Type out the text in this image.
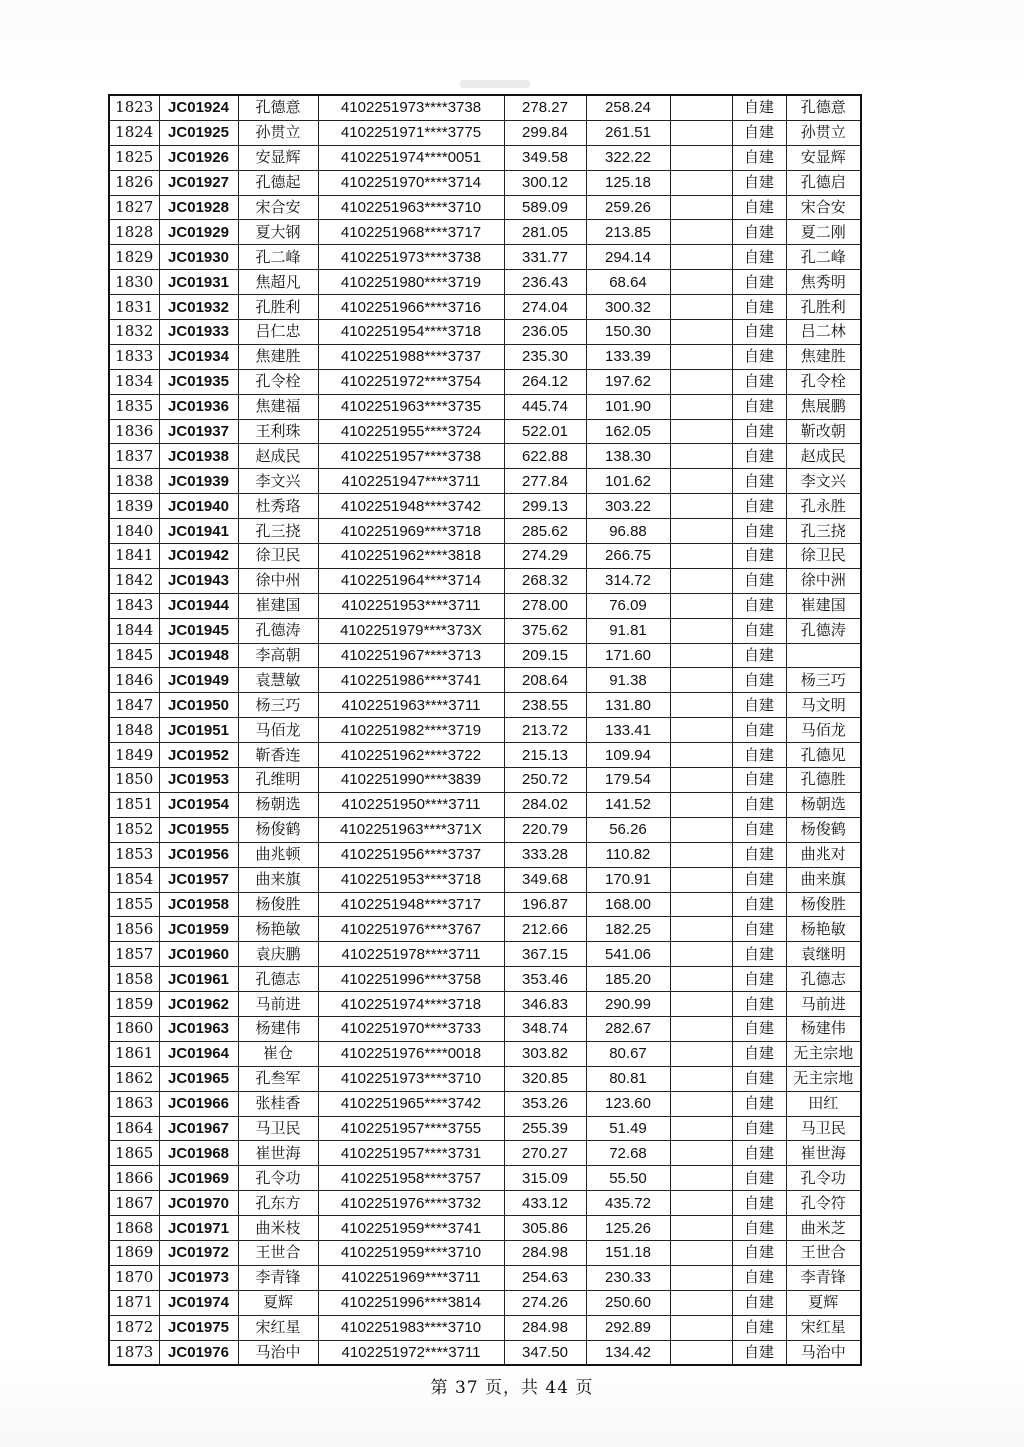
1823	JC01924	孔德意	4102251973****3738	278.27	258.24		自建	孔德意
1824	JC01925	孙贯立	4102251971****3775	299.84	261.51		自建	孙贯立
1825	JC01926	安显辉	4102251974****0051	349.58	322.22		自建	安显辉
1826	JC01927	孔德起	4102251970****3714	300.12	125.18		自建	孔德启
1827	JC01928	宋合安	4102251963****3710	589.09	259.26		自建	宋合安
1828	JC01929	夏大钢	4102251968****3717	281.05	213.85		自建	夏二刚
1829	JC01930	孔二峰	4102251973****3738	331.77	294.14		自建	孔二峰
1830	JC01931	焦超凡	4102251980****3719	236.43	68.64		自建	焦秀明
1831	JC01932	孔胜利	4102251966****3716	274.04	300.32		自建	孔胜利
1832	JC01933	吕仁忠	4102251954****3718	236.05	150.30		自建	吕二林
1833	JC01934	焦建胜	4102251988****3737	235.30	133.39		自建	焦建胜
1834	JC01935	孔令栓	4102251972****3754	264.12	197.62		自建	孔令栓
1835	JC01936	焦建福	4102251963****3735	445.74	101.90		自建	焦展鹏
1836	JC01937	王利珠	4102251955****3724	522.01	162.05		自建	靳改朝
1837	JC01938	赵成民	4102251957****3738	622.88	138.30		自建	赵成民
1838	JC01939	李文兴	4102251947****3711	277.84	101.62		自建	李文兴
1839	JC01940	杜秀珞	4102251948****3742	299.13	303.22		自建	孔永胜
1840	JC01941	孔三挠	4102251969****3718	285.62	96.88		自建	孔三挠
1841	JC01942	徐卫民	4102251962****3818	274.29	266.75		自建	徐卫民
1842	JC01943	徐中州	4102251964****3714	268.32	314.72		自建	徐中洲
1843	JC01944	崔建国	4102251953****3711	278.00	76.09		自建	崔建国
1844	JC01945	孔德涛	4102251979****373X	375.62	91.81		自建	孔德涛
1845	JC01948	李高朝	4102251967****3713	209.15	171.60		自建	
1846	JC01949	袁慧敏	4102251986****3741	208.64	91.38		自建	杨三巧
1847	JC01950	杨三巧	4102251963****3711	238.55	131.80		自建	马文明
1848	JC01951	马佰龙	4102251982****3719	213.72	133.41		自建	马佰龙
1849	JC01952	靳香连	4102251962****3722	215.13	109.94		自建	孔德见
1850	JC01953	孔维明	4102251990****3839	250.72	179.54		自建	孔德胜
1851	JC01954	杨朝选	4102251950****3711	284.02	141.52		自建	杨朝选
1852	JC01955	杨俊鹤	4102251963****371X	220.79	56.26		自建	杨俊鹤
1853	JC01956	曲兆顿	4102251956****3737	333.28	110.82		自建	曲兆对
1854	JC01957	曲来旗	4102251953****3718	349.68	170.91		自建	曲来旗
1855	JC01958	杨俊胜	4102251948****3717	196.87	168.00		自建	杨俊胜
1856	JC01959	杨艳敏	4102251976****3767	212.66	182.25		自建	杨艳敏
1857	JC01960	袁庆鹏	4102251978****3711	367.15	541.06		自建	袁继明
1858	JC01961	孔德志	4102251996****3758	353.46	185.20		自建	孔德志
1859	JC01962	马前进	4102251974****3718	346.83	290.99		自建	马前进
1860	JC01963	杨建伟	4102251970****3733	348.74	282.67		自建	杨建伟
1861	JC01964	崔仓	4102251976****0018	303.82	80.67		自建	无主宗地
1862	JC01965	孔叁军	4102251973****3710	320.85	80.81		自建	无主宗地
1863	JC01966	张桂香	4102251965****3742	353.26	123.60		自建	田红
1864	JC01967	马卫民	4102251957****3755	255.39	51.49		自建	马卫民
1865	JC01968	崔世海	4102251957****3731	270.27	72.68		自建	崔世海
1866	JC01969	孔令功	4102251958****3757	315.09	55.50		自建	孔令功
1867	JC01970	孔东方	4102251976****3732	433.12	435.72		自建	孔令符
1868	JC01971	曲米枝	4102251959****3741	305.86	125.26		自建	曲米芝
1869	JC01972	王世合	4102251959****3710	284.98	151.18		自建	王世合
1870	JC01973	李青锋	4102251969****3711	254.63	230.33		自建	李青锋
1871	JC01974	夏辉	4102251996****3814	274.26	250.60		自建	夏辉
1872	JC01975	宋红星	4102251983****3710	284.98	292.89		自建	宋红星
1873	JC01976	马治中	4102251972****3711	347.50	134.42		自建	马治中
第 37 页，共 44 页
